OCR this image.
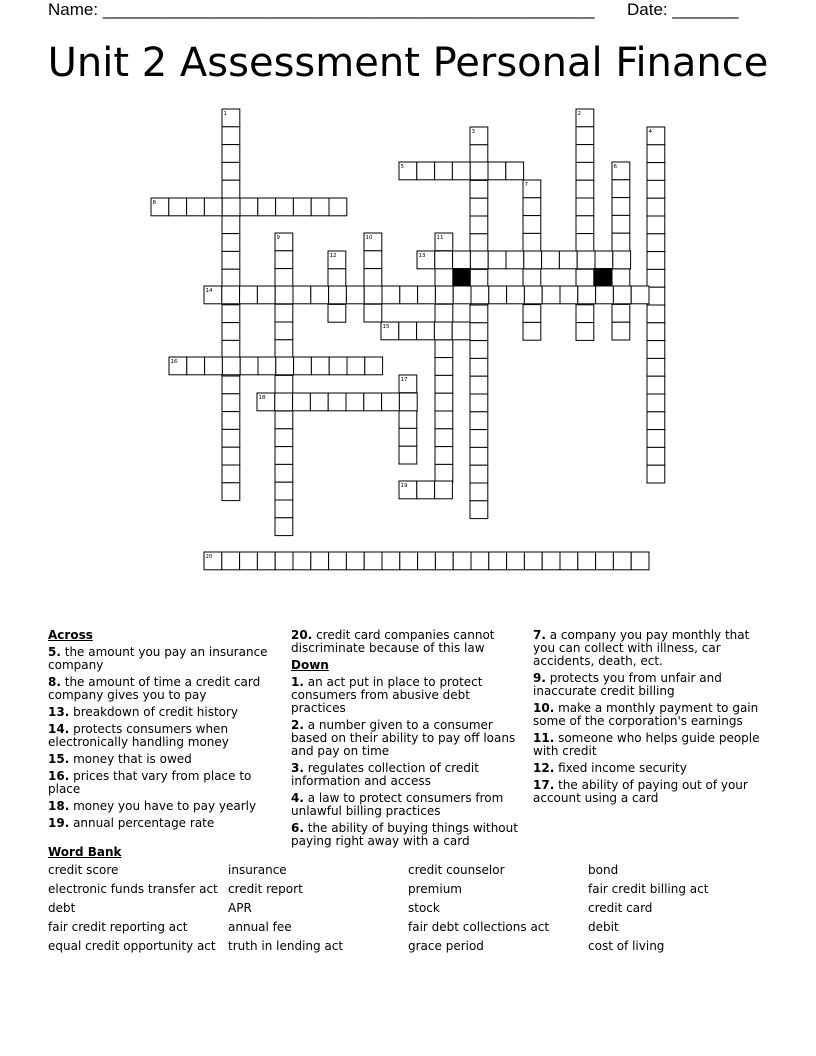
Name: ____________________________________________________ Date: _______
Unit 2 Assessment Personal Finance
1	2
3	4
5	6
7
8
9	10	11
12	13
14
15
16
17
18
19
20
Across
5. the amount you pay an insurance company
8. the amount of time a credit card company gives you to pay
13. breakdown of credit history
14. protects consumers when electronically handling money
15. money that is owed
16. prices that vary from place to place
18. money you have to pay yearly
19. annual percentage rate
20. credit card companies cannot discriminate because of this law
Down
1. an act put in place to protect consumers from abusive debt practices
2. a number given to a consumer based on their ability to pay off loans and pay on time
3. regulates collection of credit information and access
4. a law to protect consumers from unlawful billing practices
6. the ability of buying things without paying right away with a card
7. a company you pay monthly that you can collect with illness, car accidents, death, ect.
9. protects you from unfair and inaccurate credit billing
10. make a monthly payment to gain some of the corporation's earnings
11. someone who helps guide people with credit
12. fixed income security
17. the ability of paying out of your account using a card
Word Bank
credit score
electronic funds transfer act
debt
fair credit reporting act
equal credit opportunity act
insurance
credit report
APR
annual fee
truth in lending act
credit counselor
premium
stock
fair debt collections act
grace period
bond
fair credit billing act
credit card
debit
cost of living
